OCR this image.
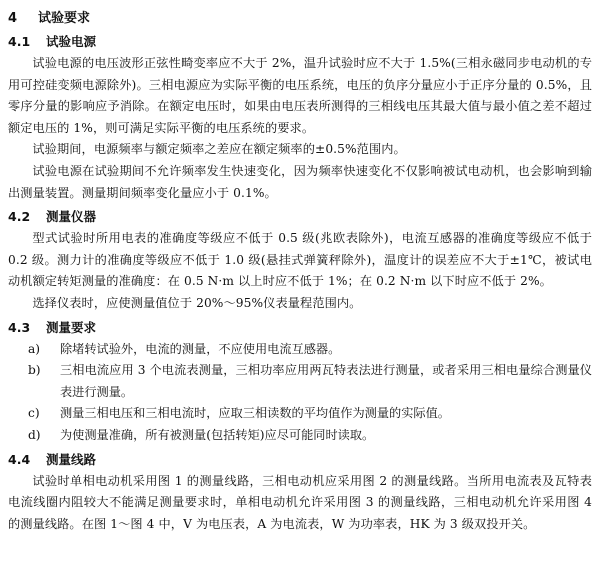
4 试验要求
4.1 试验电源

试验电源的电压波形正弦性畸变率应不大于 2%，温升试验时应不大于 1.5%(三相永磁同步电动机的专用可控硅变频电源除外)。三相电源应为实际平衡的电压系统，电压的负序分量应小于正序分量的 0.5%，且零序分量的影响应予消除。在额定电压时，如果由电压表所测得的三相线电压其最大值与最小值之差不超过额定电压的 1%，则可满足实际平衡的电压系统的要求。

试验期间，电源频率与额定频率之差应在额定频率的±0.5%范围内。

试验电源在试验期间不允许频率发生快速变化，因为频率快速变化不仅影响被试电动机，也会影响到输出测量装置。测量期间频率变化量应小于 0.1%。

4.2 测量仪器

型式试验时所用电表的准确度等级应不低于 0.5 级(兆欧表除外)，电流互感器的准确度等级应不低于 0.2 级。测力计的准确度等级应不低于 1.0 级(悬挂式弹簧秤除外)，温度计的误差应不大于±1℃，被试电动机额定转矩测量的准确度：在 0.5 N·m 以上时应不低于 1%；在 0.2 N·m 以下时应不低于 2%。

选择仪表时，应使测量值位于 20%～95%仪表量程范围内。

4.3 测量要求
a)	除堵转试验外，电流的测量，不应使用电流互感器。
b)	三相电流应用 3 个电流表测量，三相功率应用两瓦特表法进行测量，或者采用三相电量综合测量仪表进行测量。
c)	测量三相电压和三相电流时，应取三相读数的平均值作为测量的实际值。
d)	为使测量准确，所有被测量(包括转矩)应尽可能同时读取。
4.4 测量线路

试验时单相电动机采用图 1 的测量线路，三相电动机应采用图 2 的测量线路。当所用电流表及瓦特表电流线圈内阻较大不能满足测量要求时，单相电动机允许采用图 3 的测量线路，三相电动机允许采用图 4 的测量线路。在图 1～图 4 中，V 为电压表，A 为电流表，W 为功率表，HK 为 3 级双投开关。
